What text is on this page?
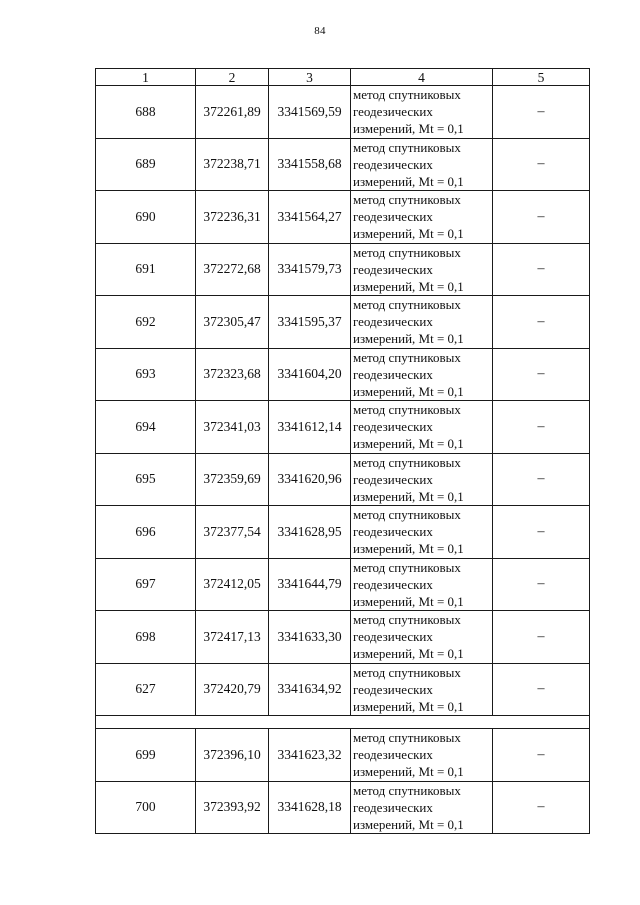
84
1	2	3	4	5
688	372261,89	3341569,59	метод спутниковых
геодезических
измерений, Mt = 0,1	–
689	372238,71	3341558,68	метод спутниковых
геодезических
измерений, Mt = 0,1	–
690	372236,31	3341564,27	метод спутниковых
геодезических
измерений, Mt = 0,1	–
691	372272,68	3341579,73	метод спутниковых
геодезических
измерений, Mt = 0,1	–
692	372305,47	3341595,37	метод спутниковых
геодезических
измерений, Mt = 0,1	–
693	372323,68	3341604,20	метод спутниковых
геодезических
измерений, Mt = 0,1	–
694	372341,03	3341612,14	метод спутниковых
геодезических
измерений, Mt = 0,1	–
695	372359,69	3341620,96	метод спутниковых
геодезических
измерений, Mt = 0,1	–
696	372377,54	3341628,95	метод спутниковых
геодезических
измерений, Mt = 0,1	–
697	372412,05	3341644,79	метод спутниковых
геодезических
измерений, Mt = 0,1	–
698	372417,13	3341633,30	метод спутниковых
геодезических
измерений, Mt = 0,1	–
627	372420,79	3341634,92	метод спутниковых
геодезических
измерений, Mt = 0,1	–

699	372396,10	3341623,32	метод спутниковых
геодезических
измерений, Mt = 0,1	–
700	372393,92	3341628,18	метод спутниковых
геодезических
измерений, Mt = 0,1	–
